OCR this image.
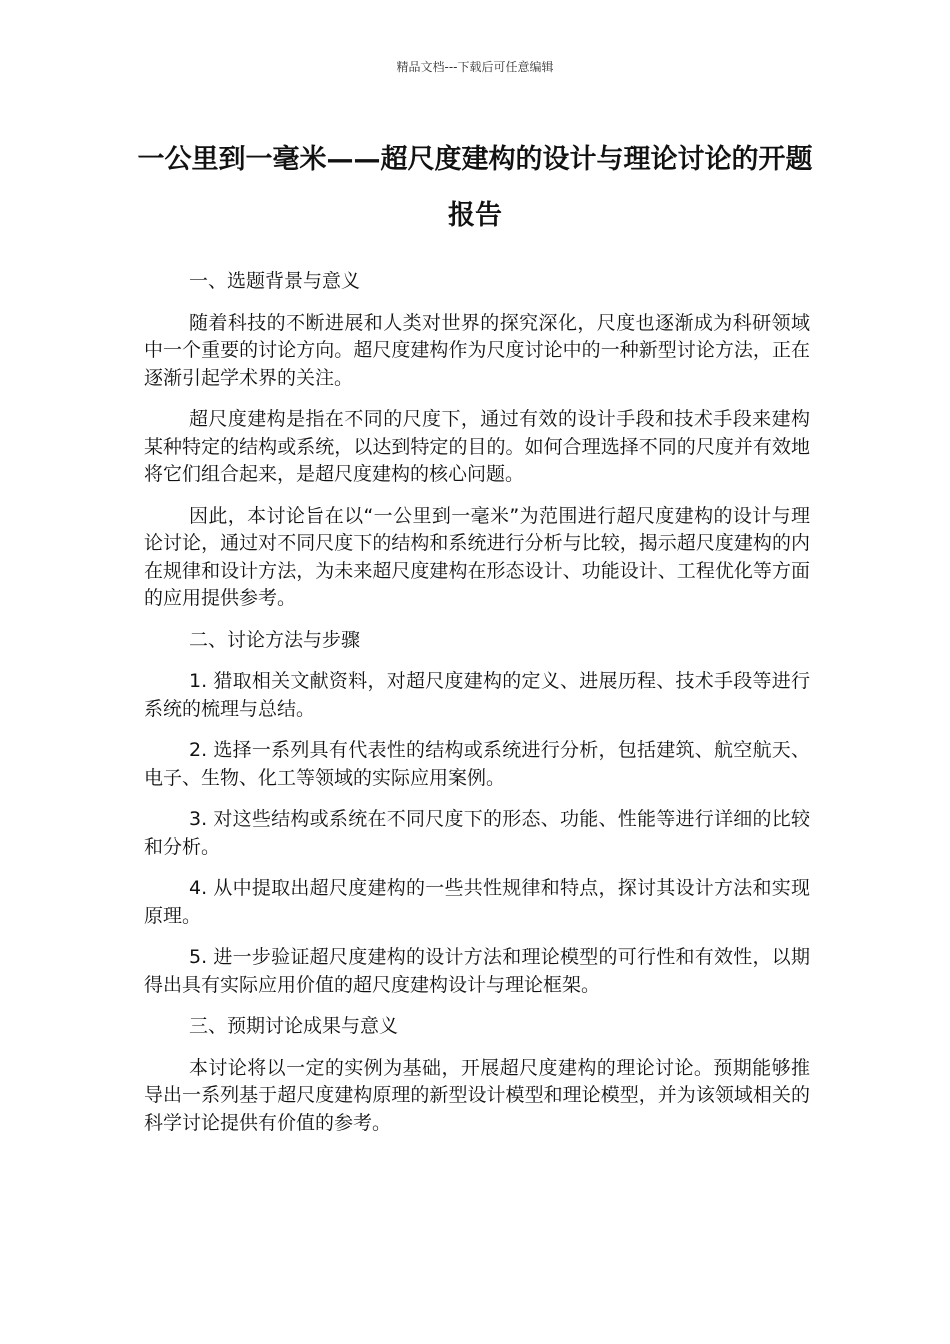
精品文档---下载后可任意编辑
一公里到一毫米——超尺度建构的设计与理论讨论的开题报告

一、选题背景与意义

随着科技的不断进展和人类对世界的探究深化，尺度也逐渐成为科研领域中一个重要的讨论方向。超尺度建构作为尺度讨论中的一种新型讨论方法，正在逐渐引起学术界的关注。

超尺度建构是指在不同的尺度下，通过有效的设计手段和技术手段来建构某种特定的结构或系统，以达到特定的目的。如何合理选择不同的尺度并有效地将它们组合起来，是超尺度建构的核心问题。

因此，本讨论旨在以“一公里到一毫米”为范围进行超尺度建构的设计与理论讨论，通过对不同尺度下的结构和系统进行分析与比较，揭示超尺度建构的内在规律和设计方法，为未来超尺度建构在形态设计、功能设计、工程优化等方面的应用提供参考。

二、讨论方法与步骤

1. 猎取相关文献资料，对超尺度建构的定义、进展历程、技术手段等进行系统的梳理与总结。

2. 选择一系列具有代表性的结构或系统进行分析，包括建筑、航空航天、电子、生物、化工等领域的实际应用案例。

3. 对这些结构或系统在不同尺度下的形态、功能、性能等进行详细的比较和分析。

4. 从中提取出超尺度建构的一些共性规律和特点，探讨其设计方法和实现原理。

5. 进一步验证超尺度建构的设计方法和理论模型的可行性和有效性，以期得出具有实际应用价值的超尺度建构设计与理论框架。

三、预期讨论成果与意义

本讨论将以一定的实例为基础，开展超尺度建构的理论讨论。预期能够推导出一系列基于超尺度建构原理的新型设计模型和理论模型，并为该领域相关的科学讨论提供有价值的参考。
